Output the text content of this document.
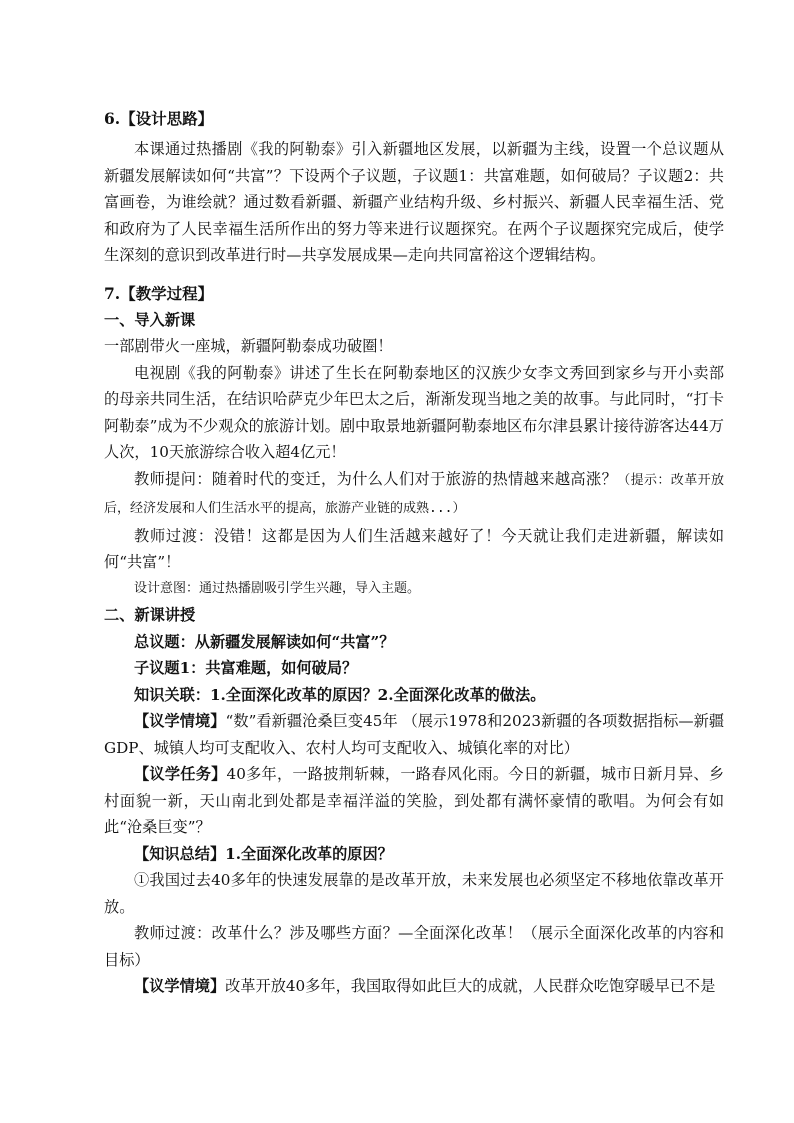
6.【设计思路】

本课通过热播剧《我的阿勒泰》引入新疆地区发展，以新疆为主线，设置一个总议题从新疆发展解读如何“共富”？下设两个子议题，子议题1：共富难题，如何破局？子议题2：共富画卷，为谁绘就？通过数看新疆、新疆产业结构升级、乡村振兴、新疆人民幸福生活、党和政府为了人民幸福生活所作出的努力等来进行议题探究。在两个子议题探究完成后，使学生深刻的意识到改革进行时—共享发展成果—走向共同富裕这个逻辑结构。

7.【教学过程】

一、导入新课

一部剧带火一座城，新疆阿勒泰成功破圈！

电视剧《我的阿勒泰》讲述了生长在阿勒泰地区的汉族少女李文秀回到家乡与开小卖部的母亲共同生活，在结识哈萨克少年巴太之后，渐渐发现当地之美的故事。与此同时，“打卡阿勒泰”成为不少观众的旅游计划。剧中取景地新疆阿勒泰地区布尔津县累计接待游客达44万人次，10天旅游综合收入超4亿元！

教师提问：随着时代的变迁，为什么人们对于旅游的热情越来越高涨？（提示：改革开放后，经济发展和人们生活水平的提高，旅游产业链的成熟...）

教师过渡：没错！这都是因为人们生活越来越好了！今天就让我们走进新疆，解读如何“共富”！

设计意图：通过热播剧吸引学生兴趣，导入主题。

二、新课讲授

总议题：从新疆发展解读如何“共富”？

子议题1：共富难题，如何破局？

知识关联：1.全面深化改革的原因？2.全面深化改革的做法。

【议学情境】“数”看新疆沧桑巨变45年 （展示1978和2023新疆的各项数据指标—新疆GDP、城镇人均可支配收入、农村人均可支配收入、城镇化率的对比）

【议学任务】40多年，一路披荆斩棘，一路春风化雨。今日的新疆，城市日新月异、乡村面貌一新，天山南北到处都是幸福洋溢的笑脸，到处都有满怀豪情的歌唱。为何会有如此“沧桑巨变”？

【知识总结】1.全面深化改革的原因？

①我国过去40多年的快速发展靠的是改革开放，未来发展也必须坚定不移地依靠改革开放。

教师过渡：改革什么？涉及哪些方面？—全面深化改革！（展示全面深化改革的内容和目标）

【议学情境】改革开放40多年，我国取得如此巨大的成就，人民群众吃饱穿暖早已不是
